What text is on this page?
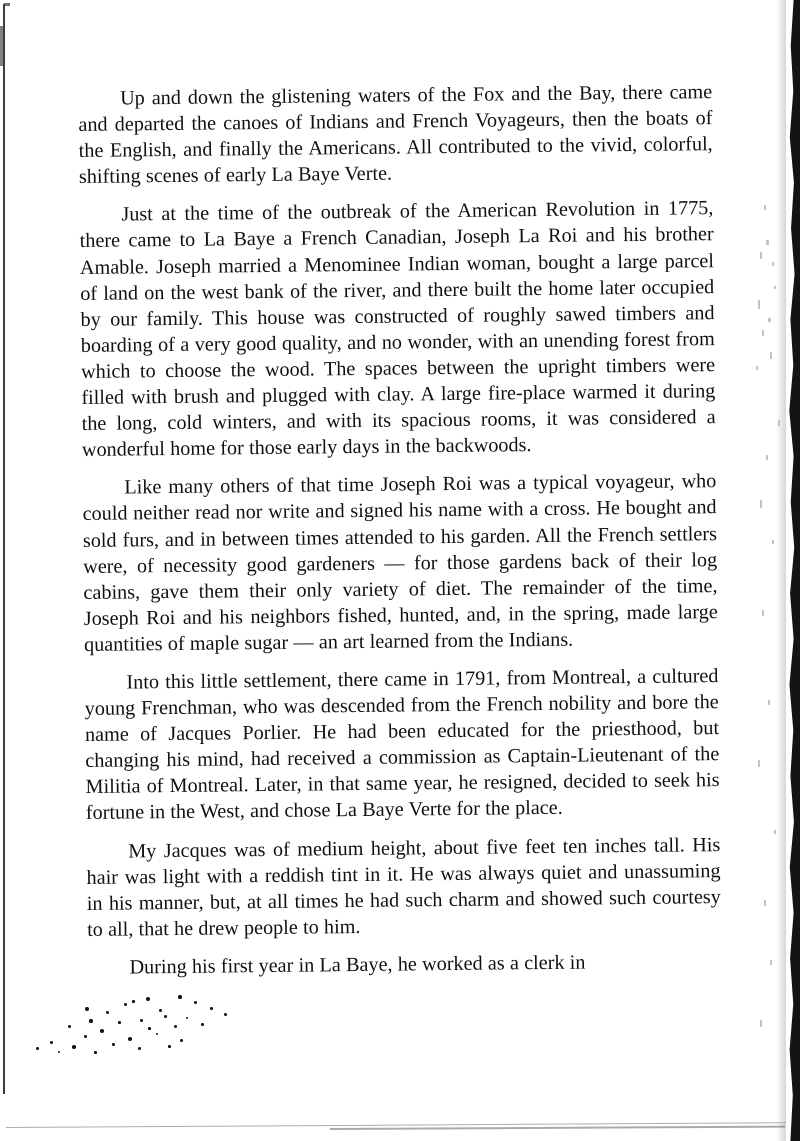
Up and down the glistening waters of the Fox and the Bay, there came and departed the canoes of Indians and French Voyageurs, then the boats of the English, and finally the Americans. All contributed to the vivid, colorful, shifting scenes of early La Baye Verte.

Just at the time of the outbreak of the American Revolution in 1775, there came to La Baye a French Canadian, Joseph La Roi and his brother Amable. Joseph married a Menominee Indian woman, bought a large parcel of land on the west bank of the river, and there built the home later occupied by our family. This house was constructed of roughly sawed timbers and boarding of a very good quality, and no wonder, with an unending forest from which to choose the wood. The spaces between the upright timbers were filled with brush and plugged with clay. A large fire-place warmed it during the long, cold winters, and with its spacious rooms, it was considered a wonderful home for those early days in the backwoods.

Like many others of that time Joseph Roi was a typical voyageur, who could neither read nor write and signed his name with a cross. He bought and sold furs, and in between times attended to his garden. All the French settlers were, of necessity good gardeners — for those gardens back of their log cabins, gave them their only variety of diet. The remainder of the time, Joseph Roi and his neighbors fished, hunted, and, in the spring, made large quantities of maple sugar — an art learned from the Indians.

Into this little settlement, there came in 1791, from Montreal, a cultured young Frenchman, who was descended from the French nobility and bore the name of Jacques Porlier. He had been educated for the priesthood, but changing his mind, had received a commission as Captain-Lieutenant of the Militia of Montreal. Later, in that same year, he resigned, decided to seek his fortune in the West, and chose La Baye Verte for the place.

My Jacques was of medium height, about five feet ten inches tall. His hair was light with a reddish tint in it. He was always quiet and unassuming in his manner, but, at all times he had such charm and showed such courtesy to all, that he drew people to him.

During his first year in La Baye, he worked as a clerk in
